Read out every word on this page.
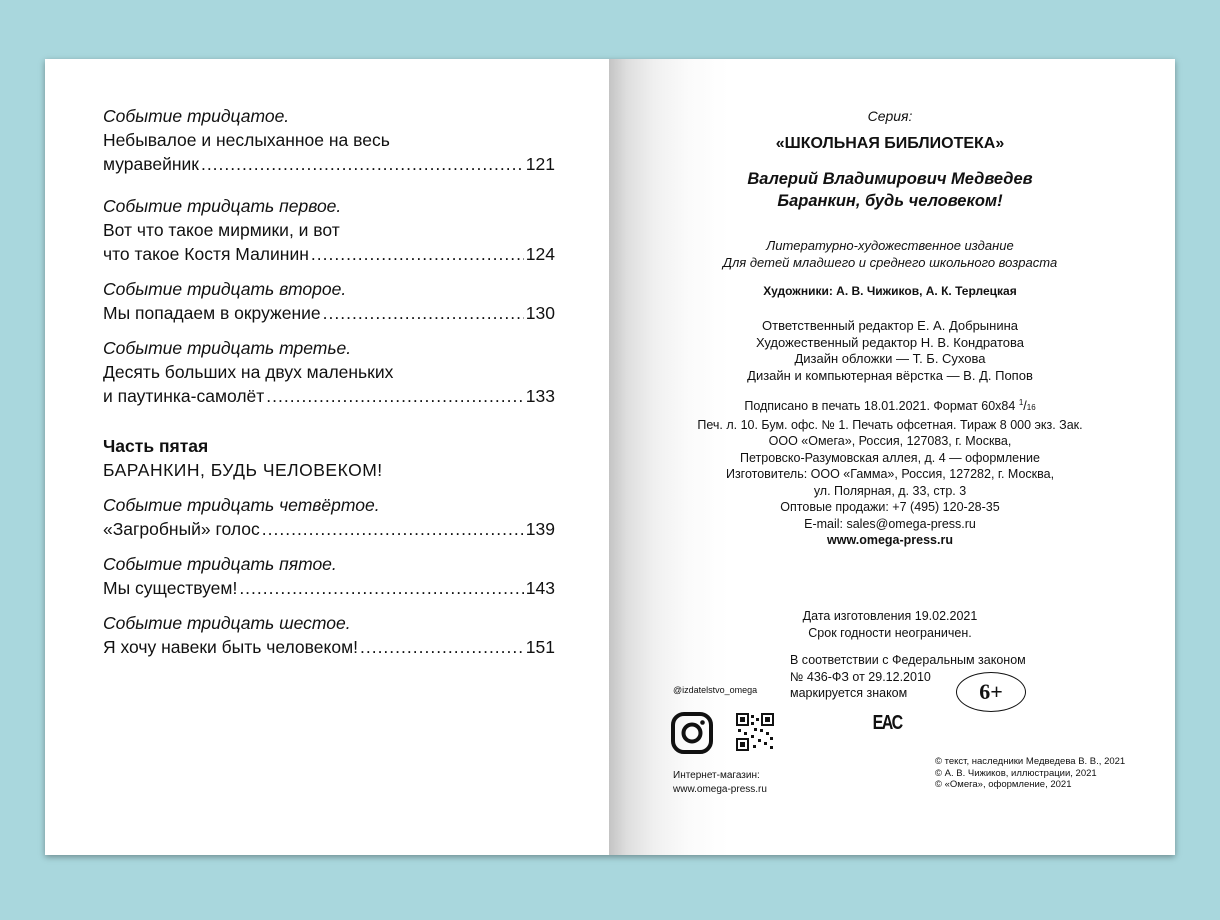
Событие тридцатое.
Небывалое и неслыханное на весь
муравейник .....	121
Событие тридцать первое.
Вот что такое мирмики, и вот
что такое Костя Малинин .....	124
Событие тридцать второе.
Мы попадаем в окружение .....	130
Событие тридцать третье.
Десять больших на двух маленьких
и паутинка-самолёт .....	133
Часть пятая
БАРАНКИН, БУДЬ ЧЕЛОВЕКОМ!
Событие тридцать четвёртое.
«Загробный» голос .....	139
Событие тридцать пятое.
Мы существуем! .....	143
Событие тридцать шестое.
Я хочу навеки быть человеком! .....	151
Серия:
«ШКОЛЬНАЯ БИБЛИОТЕКА»
Валерий Владимирович Медведев
Баранкин, будь человеком!
Литературно-художественное издание
Для детей младшего и среднего школьного возраста
Художники: А. В. Чижиков, А. К. Терлецкая
Ответственный редактор Е. А. Добрынина
Художественный редактор Н. В. Кондратова
Дизайн обложки — Т. Б. Сухова
Дизайн и компьютерная вёрстка — В. Д. Попов
Подписано в печать 18.01.2021. Формат 60x84 $^1$/16
Печ. л. 10. Бум. офс. № 1. Печать офсетная. Тираж 8 000 экз. Зак.
ООО «Омега», Россия, 127083, г. Москва,
Петровско-Разумовская аллея, д. 4 — оформление
Изготовитель: ООО «Гамма», Россия, 127282, г. Москва,
ул. Полярная, д. 33, стр. 3
Оптовые продажи: +7 (495) 120-28-35
E-mail: sales@omega-press.ru
www.omega-press.ru
Дата изготовления 19.02.2021
Срок годности неограничен.
В соответствии с Федеральным законом
№ 436-ФЗ от 29.12.2010
маркируется знаком	6+
@izdatelstvo_omega
EAC
Интернет-магазин:
www.omega-press.ru
© текст, наследники Медведева В. В., 2021
© А. В. Чижиков, иллюстрации, 2021
© «Омега», оформление, 2021
